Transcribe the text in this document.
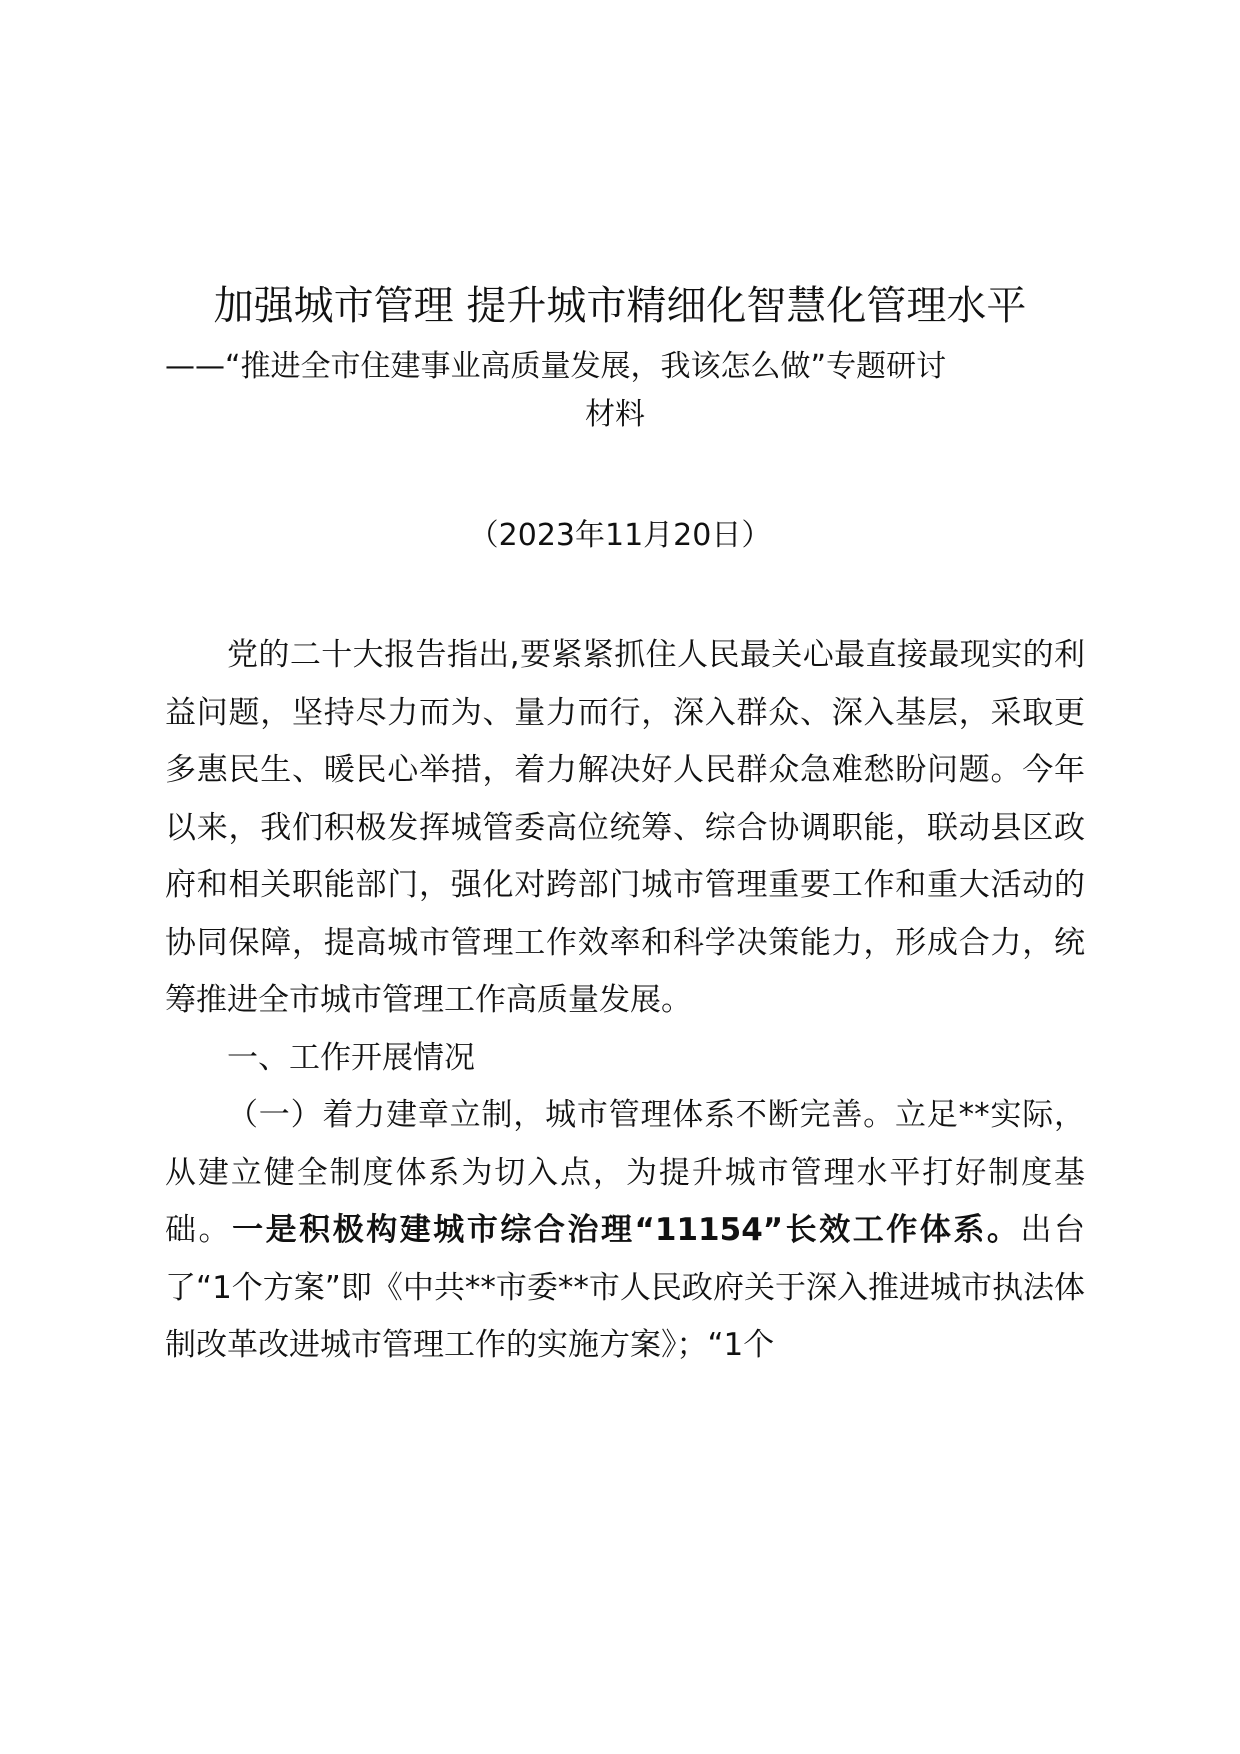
加强城市管理 提升城市精细化智慧化管理水平
——“推进全市住建事业高质量发展，我该怎么做”专题研讨
材料
（2023年11月20日）

党的二十大报告指出,要紧紧抓住人民最关心最直接最现实的利益问题，坚持尽力而为、量力而行，深入群众、深入基层，采取更多惠民生、暖民心举措，着力解决好人民群众急难愁盼问题。今年以来，我们积极发挥城管委高位统筹、综合协调职能，联动县区政府和相关职能部门，强化对跨部门城市管理重要工作和重大活动的协同保障，提高城市管理工作效率和科学决策能力，形成合力，统筹推进全市城市管理工作高质量发展。

一、工作开展情况

（一）着力建章立制，城市管理体系不断完善。立足**实际，从建立健全制度体系为切入点，为提升城市管理水平打好制度基础。一是积极构建城市综合治理“11154”长效工作体系。出台了“1个方案”即《中共**市委**市人民政府关于深入推进城市执法体制改革改进城市管理工作的实施方案》；“1个
